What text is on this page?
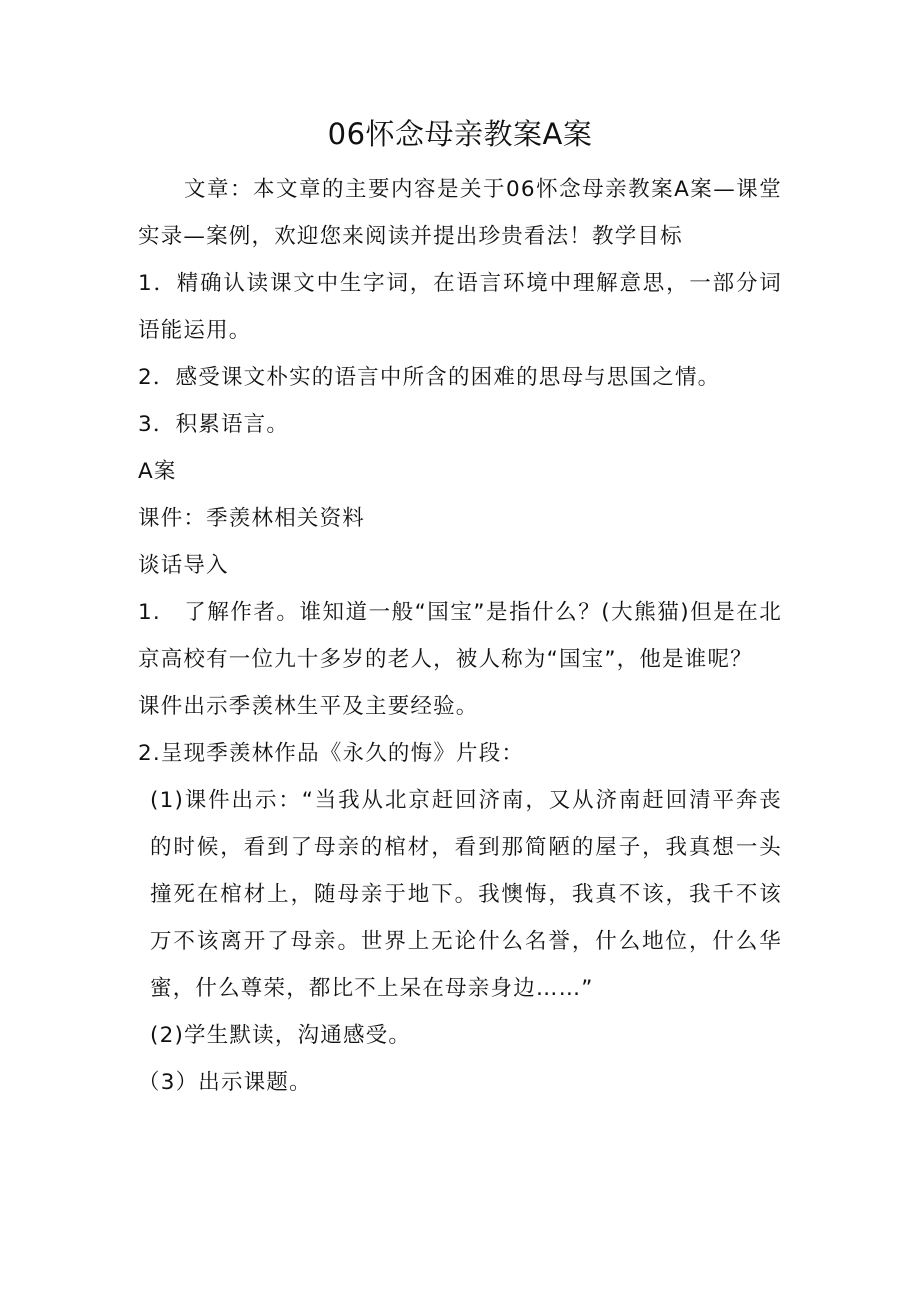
06怀念母亲教案A案

文章：本文章的主要内容是关于06怀念母亲教案A案—课堂实录—案例，欢迎您来阅读并提出珍贵看法！教学目标

1．精确认读课文中生字词，在语言环境中理解意思，一部分词语能运用。

2．感受课文朴实的语言中所含的困难的思母与思国之情。

3．积累语言。

A案

课件：季羡林相关资料

谈话导入

1.　了解作者。谁知道一般“国宝”是指什么？(大熊猫)但是在北京高校有一位九十多岁的老人，被人称为“国宝”，他是谁呢？

课件出示季羡林生平及主要经验。

2.呈现季羡林作品《永久的悔》片段：

(1)课件出示：“当我从北京赶回济南，又从济南赶回清平奔丧的时候，看到了母亲的棺材，看到那简陋的屋子，我真想一头撞死在棺材上，随母亲于地下。我懊悔，我真不该，我千不该万不该离开了母亲。世界上无论什么名誉，什么地位，什么华蜜，什么尊荣，都比不上呆在母亲身边……”

(2)学生默读，沟通感受。

（3）出示课题。
